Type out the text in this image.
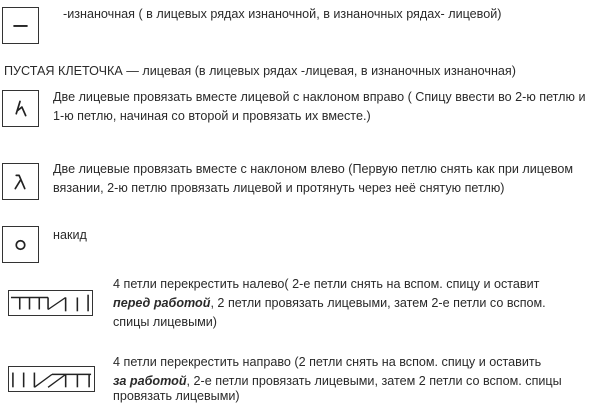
-изнаночная ( в лицевых рядах изнаночной, в изнаночных рядах- лицевой)
ПУСТАЯ КЛЕТОЧКА — лицевая (в лицевых рядах -лицевая, в изнаночных изнаночная)
Две лицевые провязать вместе лицевой с наклоном вправо ( Спицу ввести во 2-ю петлю и
1-ю петлю, начиная со второй и провязать их вместе.)
Две лицевые провязать вместе с наклоном влево (Первую петлю снять как при лицевом
вязании, 2-ю петлю провязать лицевой и протянуть через неё снятую петлю)
накид
4 петли перекрестить налево( 2-е петли снять на вспом. спицу и оставит
перед работой, 2 петли провязать лицевыми, затем 2-е петли со вспом.
спицы лицевыми)
4 петли перекрестить направо (2 петли снять на вспом. спицу и оставить
за работой, 2-е петли провязать лицевыми, затем 2 петли со вспом. спицы
провязать лицевыми)
